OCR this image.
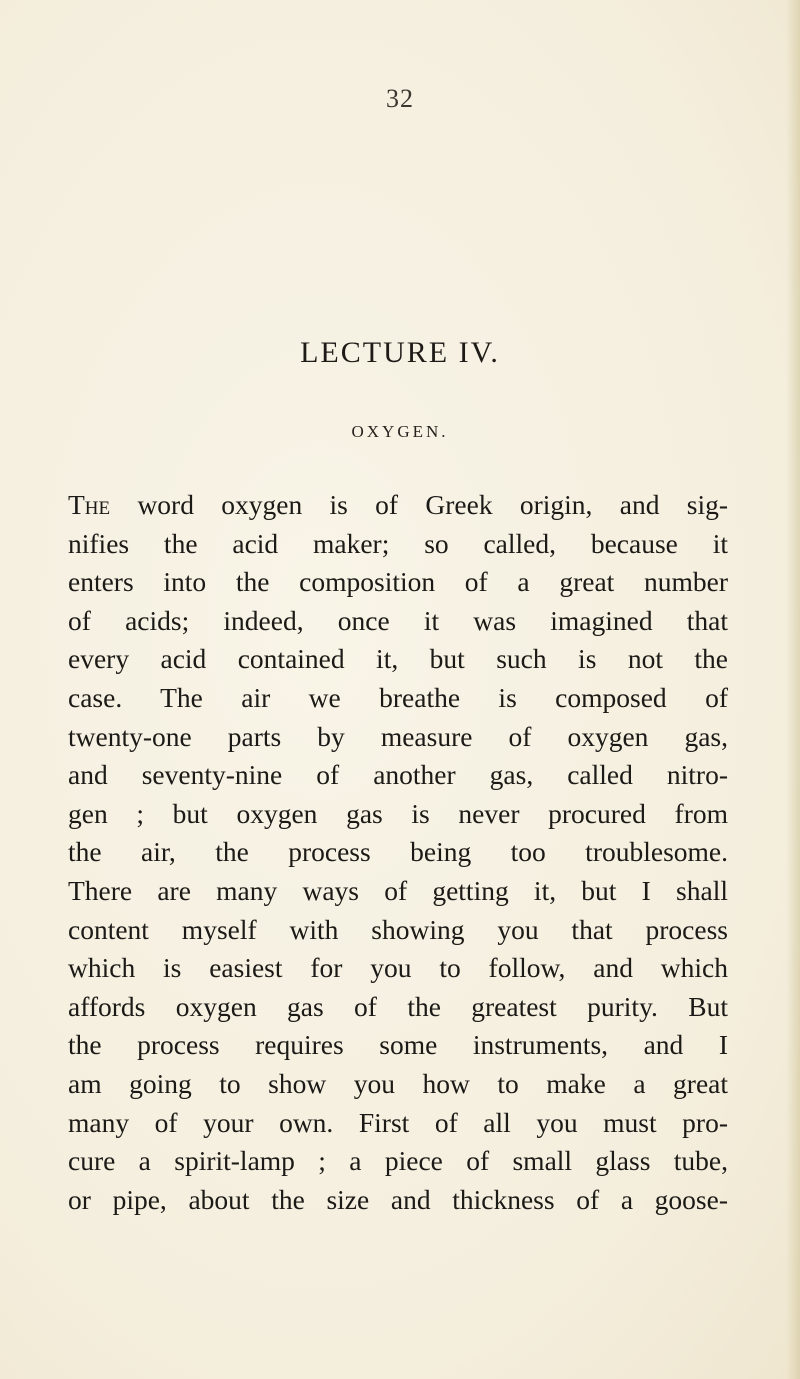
32
LECTURE IV.
OXYGEN.
The word oxygen is of Greek origin, and sig-
nifies the acid maker; so called, because it
enters into the composition of a great number
of acids; indeed, once it was imagined that
every acid contained it, but such is not the
case. The air we breathe is composed of
twenty-one parts by measure of oxygen gas,
and seventy-nine of another gas, called nitro-
gen ; but oxygen gas is never procured from
the air, the process being too troublesome.
There are many ways of getting it, but I shall
content myself with showing you that process
which is easiest for you to follow, and which
affords oxygen gas of the greatest purity. But
the process requires some instruments, and I
am going to show you how to make a great
many of your own. First of all you must pro-
cure a spirit-lamp ; a piece of small glass tube,
or pipe, about the size and thickness of a goose-
